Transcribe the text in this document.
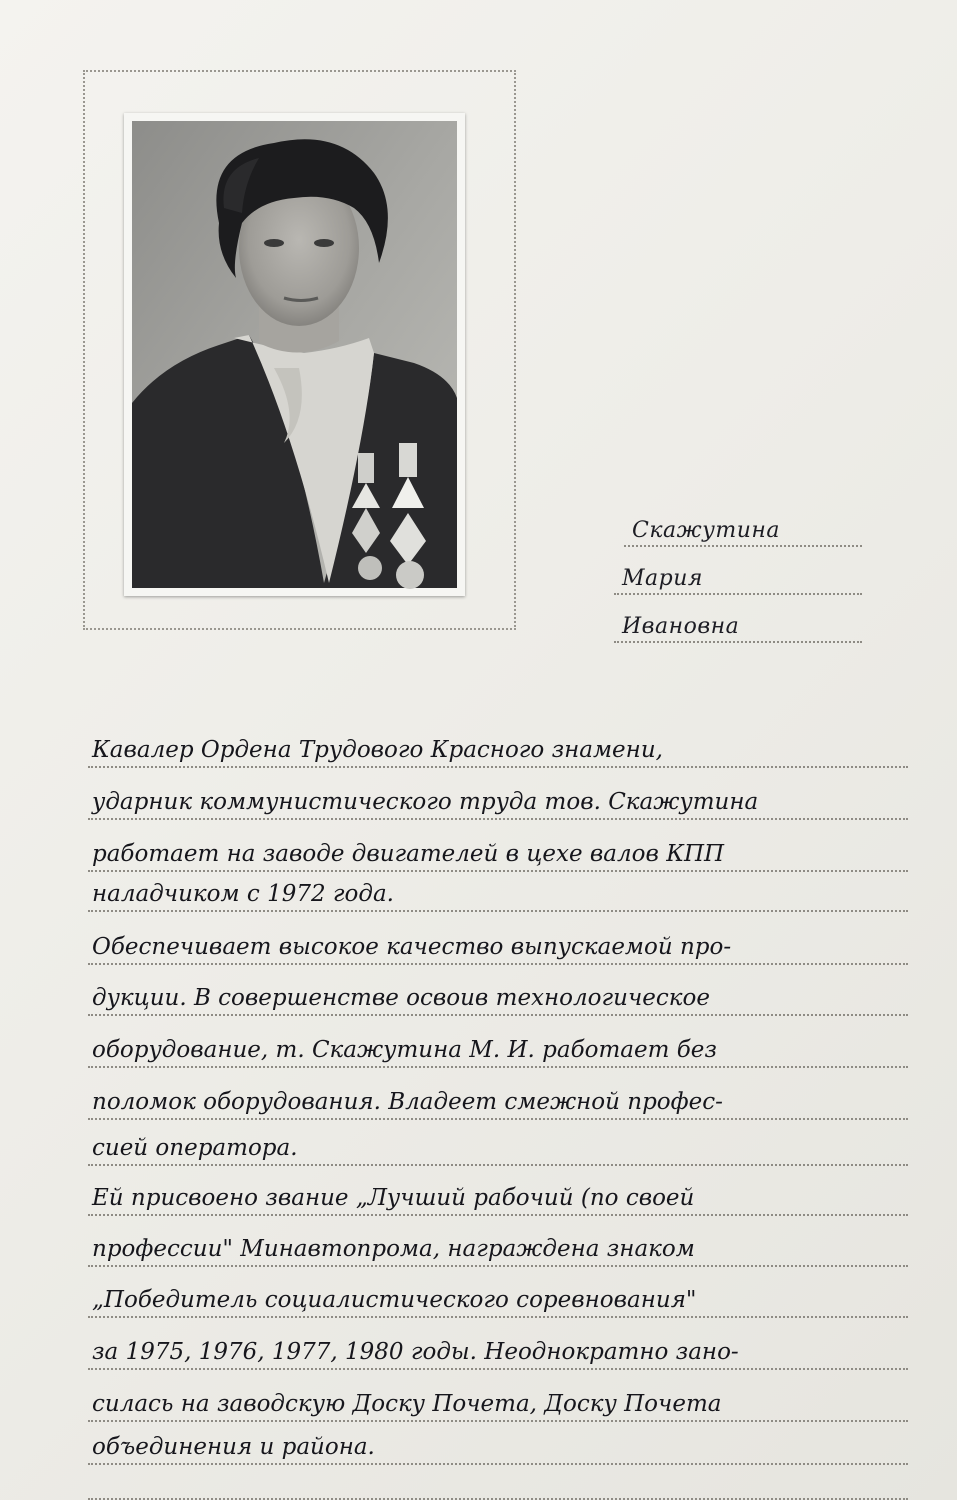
Скажутина
Мария
Ивановна
Кавалер Ордена Трудового Красного знамени,
ударник коммунистического труда тов. Скажутина
работает на заводе двигателей в цехе валов КПП
наладчиком с 1972 года.
Обеспечивает высокое качество выпускаемой про-
дукции. В совершенстве освоив технологическое
оборудование, т. Скажутина М. И. работает без
поломок оборудования. Владеет смежной профес-
сией оператора.
Ей присвоено звание „Лучший рабочий (по своей
профессии" Минавтопрома, награждена знаком
„Победитель социалистического соревнования"
за 1975, 1976, 1977, 1980 годы. Неоднократно зано-
силась на заводскую Доску Почета, Доску Почета
объединения и района.
